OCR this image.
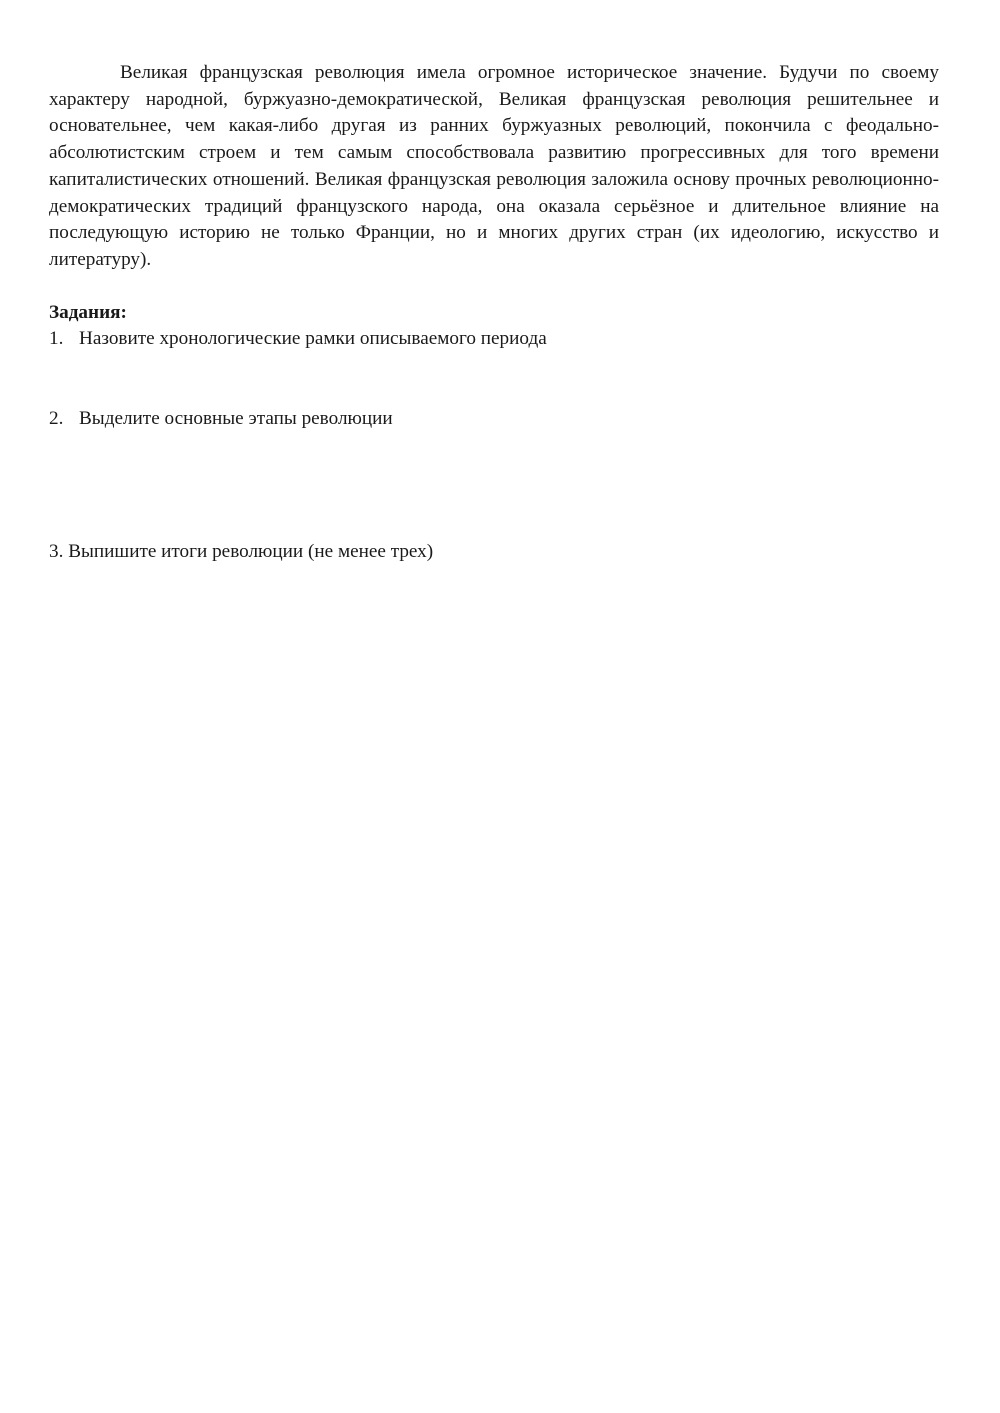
Великая французская революция имела огромное историческое значение. Будучи по своему характеру народной, буржуазно-демократической, Великая французская революция решительнее и основательнее, чем какая-либо другая из ранних буржуазных революций, покончила с феодально-абсолютистским строем и тем самым способствовала развитию прогрессивных для того времени капиталистических отношений. Великая французская революция заложила основу прочных революционно-демократических традиций французского народа, она оказала серьёзное и длительное влияние на последующую историю не только Франции, но и многих других стран (их идеологию, искусство и литературу).

Задания:

1. Назовите хронологические рамки описываемого периода

2. Выделите основные этапы революции

3. Выпишите итоги революции (не менее трех)
